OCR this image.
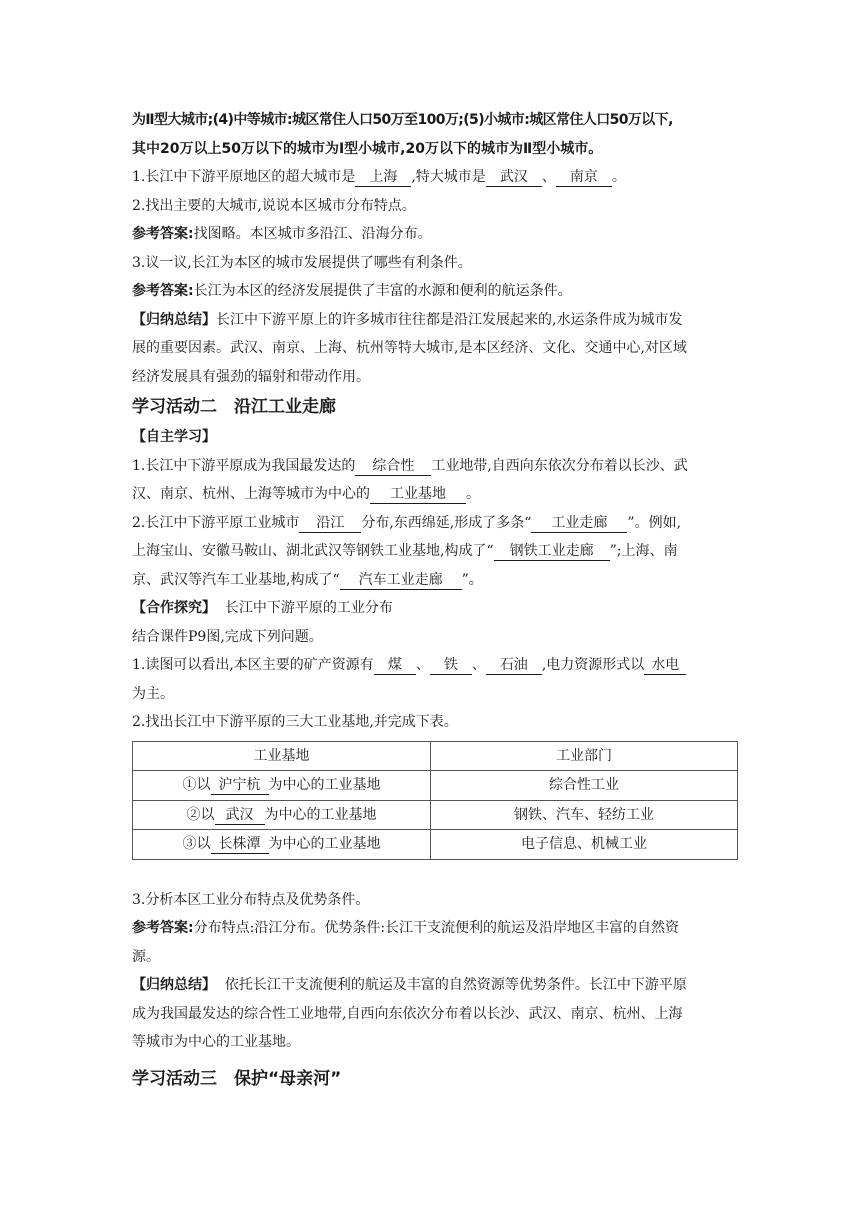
为Ⅱ型大城市;(4)中等城市:城区常住人口50万至100万;(5)小城市:城区常住人口50万以下,
其中20万以上50万以下的城市为Ⅰ型小城市,20万以下的城市为Ⅱ型小城市。
1.长江中下游平原地区的超大城市是 上海 ,特大城市是 武汉 、 南京 。
2.找出主要的大城市,说说本区城市分布特点。
参考答案:找图略。本区城市多沿江、沿海分布。
3.议一议,长江为本区的城市发展提供了哪些有利条件。
参考答案:长江为本区的经济发展提供了丰富的水源和便利的航运条件。
【归纳总结】长江中下游平原上的许多城市往往都是沿江发展起来的,水运条件成为城市发
展的重要因素。武汉、南京、上海、杭州等特大城市,是本区经济、文化、交通中心,对区域
经济发展具有强劲的辐射和带动作用。
学习活动二　沿江工业走廊
【自主学习】
1.长江中下游平原成为我国最发达的 综合性 工业地带,自西向东依次分布着以长沙、武
汉、南京、杭州、上海等城市为中心的 工业基地 。
2.长江中下游平原工业城市 沿江 分布,东西绵延,形成了多条“ 工业走廊 ”。例如,
上海宝山、安徽马鞍山、湖北武汉等钢铁工业基地,构成了“ 钢铁工业走廊 ”;上海、南
京、武汉等汽车工业基地,构成了“ 汽车工业走廊 ”。
【合作探究】 长江中下游平原的工业分布
结合课件P9图,完成下列问题。
1.读图可以看出,本区主要的矿产资源有 煤 、 铁 、 石油 ,电力资源形式以 水电
为主。
2.找出长江中下游平原的三大工业基地,并完成下表。
工业基地	工业部门
①以 沪宁杭 为中心的工业基地	综合性工业
②以 武汉 为中心的工业基地	钢铁、汽车、轻纺工业
③以 长株潭 为中心的工业基地	电子信息、机械工业
3.分析本区工业分布特点及优势条件。
参考答案:分布特点:沿江分布。优势条件:长江干支流便利的航运及沿岸地区丰富的自然资
源。
【归纳总结】 依托长江干支流便利的航运及丰富的自然资源等优势条件。长江中下游平原
成为我国最发达的综合性工业地带,自西向东依次分布着以长沙、武汉、南京、杭州、上海
等城市为中心的工业基地。
学习活动三　保护“母亲河”
